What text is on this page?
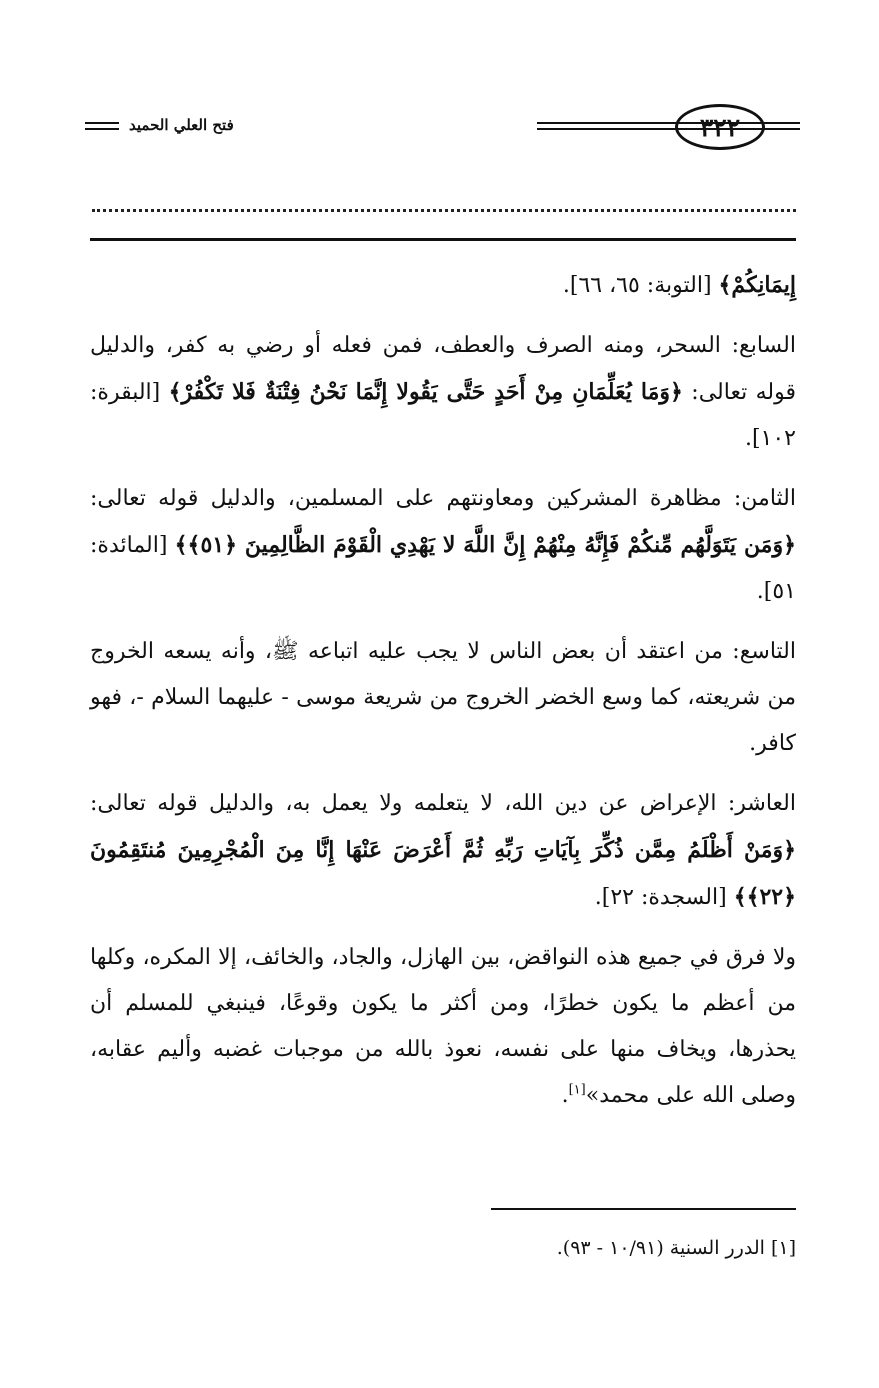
٣٢٢
فتح العلي الحميد

إِيمَانِكُمْ﴾ [التوبة: ٦٥، ٦٦].

السابع: السحر، ومنه الصرف والعطف، فمن فعله أو رضي به كفر، والدليل قوله تعالى: ﴿وَمَا يُعَلِّمَانِ مِنْ أَحَدٍ حَتَّى يَقُولا إِنَّمَا نَحْنُ فِتْنَةٌ فَلا تَكْفُرْ﴾ [البقرة: ١٠٢].

الثامن: مظاهرة المشركين ومعاونتهم على المسلمين، والدليل قوله تعالى: ﴿وَمَن يَتَوَلَّهُم مِّنكُمْ فَإِنَّهُ مِنْهُمْ إِنَّ اللَّهَ لا يَهْدِي الْقَوْمَ الظَّالِمِينَ ﴿٥١﴾﴾ [المائدة: ٥١].

التاسع: من اعتقد أن بعض الناس لا يجب عليه اتباعه ﷺ، وأنه يسعه الخروج من شريعته، كما وسع الخضر الخروج من شريعة موسى - عليهما السلام -، فهو كافر.

العاشر: الإعراض عن دين الله، لا يتعلمه ولا يعمل به، والدليل قوله تعالى: ﴿وَمَنْ أَظْلَمُ مِمَّن ذُكِّرَ بِآيَاتِ رَبِّهِ ثُمَّ أَعْرَضَ عَنْهَا إِنَّا مِنَ الْمُجْرِمِينَ مُنتَقِمُونَ ﴿٢٢﴾﴾ [السجدة: ٢٢].

ولا فرق في جميع هذه النواقض، بين الهازل، والجاد، والخائف، إلا المكره، وكلها من أعظم ما يكون خطرًا، ومن أكثر ما يكون وقوعًا، فينبغي للمسلم أن يحذرها، ويخاف منها على نفسه، نعوذ بالله من موجبات غضبه وأليم عقابه، وصلى الله على محمد»[١].

[١] الدرر السنية (١٠/٩١ - ٩٣).
